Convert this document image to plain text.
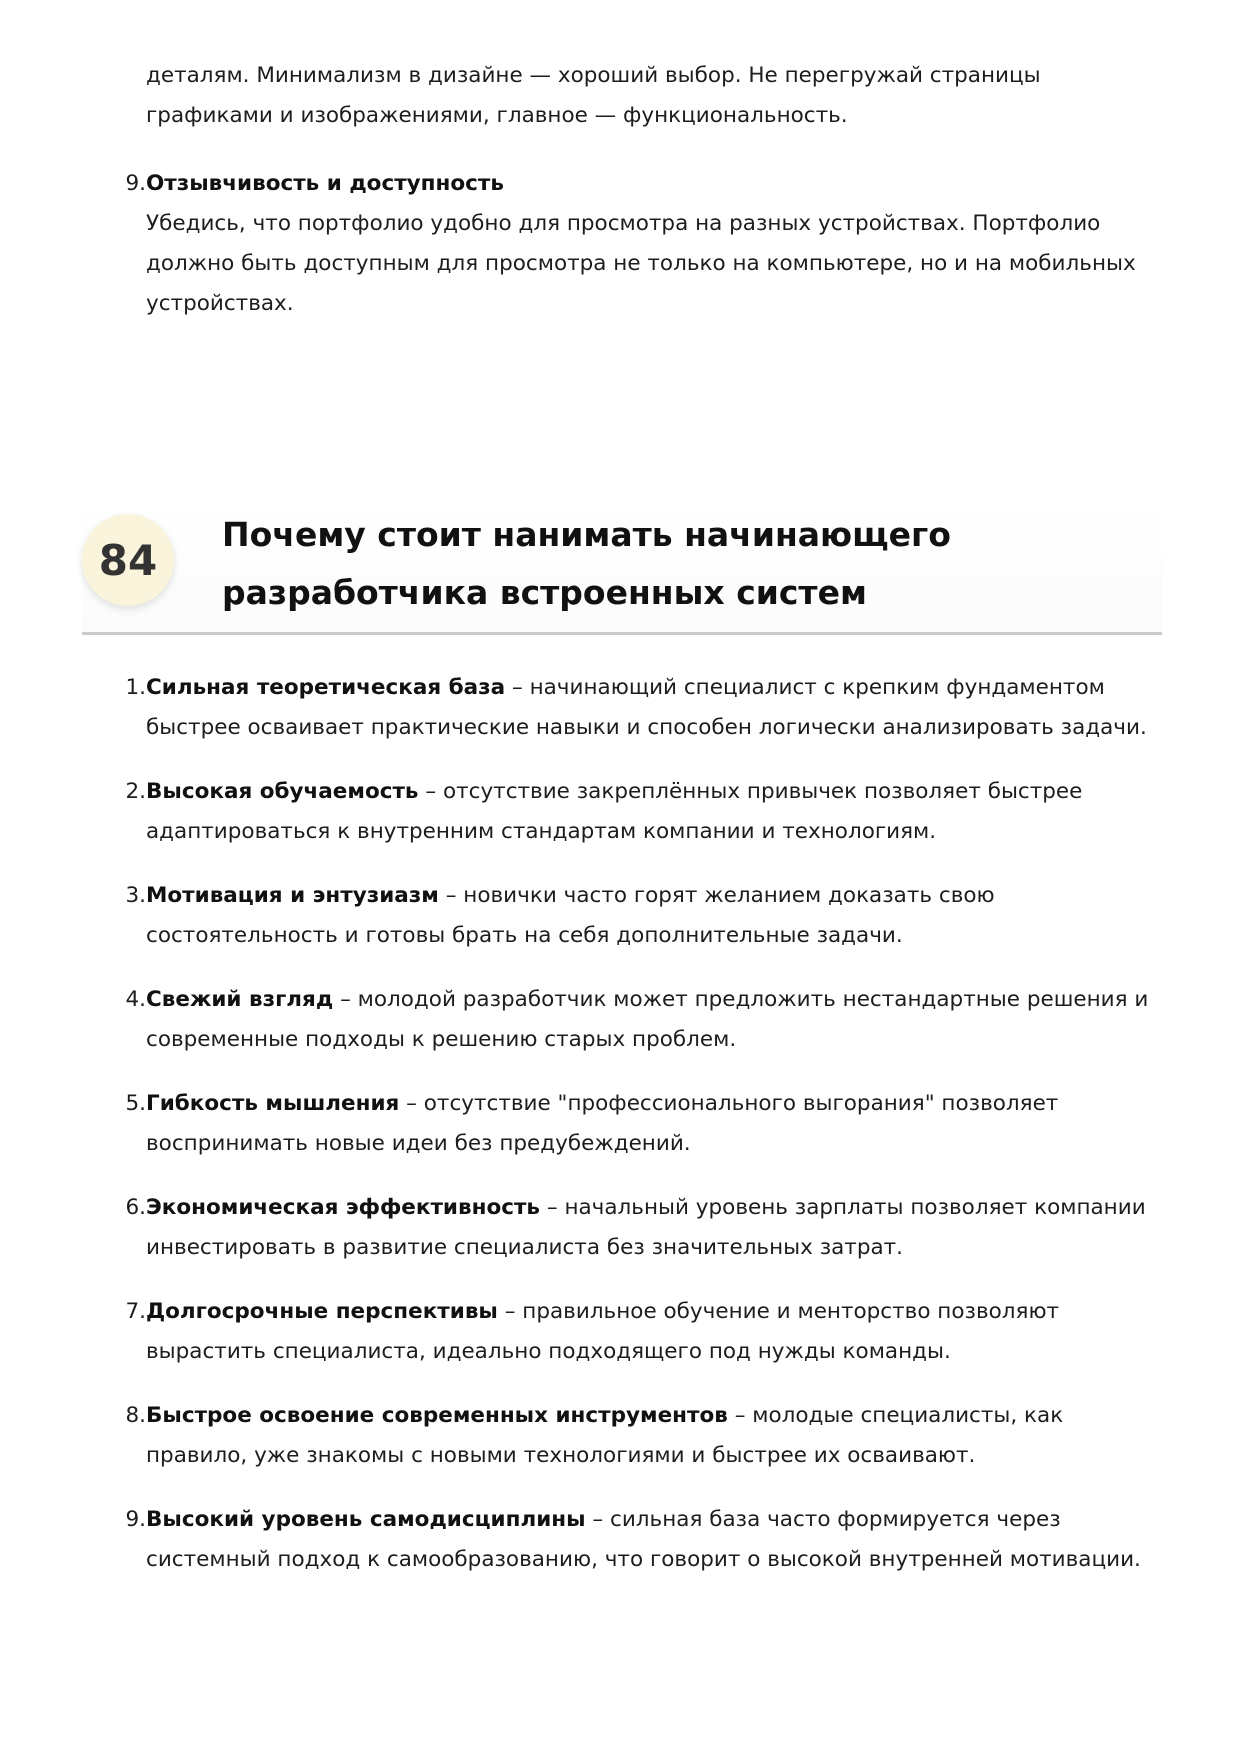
деталям. Минимализм в дизайне — хороший выбор. Не перегружай страницы
графиками и изображениями, главное — функциональность.
9. Отзывчивость и доступность
Убедись, что портфолио удобно для просмотра на разных устройствах. Портфолио должно быть доступным для просмотра не только на компьютере, но и на мобильных устройствах.
84
Почему стоит нанимать начинающего разработчика встроенных систем
1. Сильная теоретическая база – начинающий специалист с крепким фундаментом быстрее осваивает практические навыки и способен логически анализировать задачи.
2. Высокая обучаемость – отсутствие закреплённых привычек позволяет быстрее адаптироваться к внутренним стандартам компании и технологиям.
3. Мотивация и энтузиазм – новички часто горят желанием доказать свою состоятельность и готовы брать на себя дополнительные задачи.
4. Свежий взгляд – молодой разработчик может предложить нестандартные решения и современные подходы к решению старых проблем.
5. Гибкость мышления – отсутствие "профессионального выгорания" позволяет воспринимать новые идеи без предубеждений.
6. Экономическая эффективность – начальный уровень зарплаты позволяет компании инвестировать в развитие специалиста без значительных затрат.
7. Долгосрочные перспективы – правильное обучение и менторство позволяют вырастить специалиста, идеально подходящего под нужды команды.
8. Быстрое освоение современных инструментов – молодые специалисты, как правило, уже знакомы с новыми технологиями и быстрее их осваивают.
9. Высокий уровень самодисциплины – сильная база часто формируется через системный подход к самообразованию, что говорит о высокой внутренней мотивации.
